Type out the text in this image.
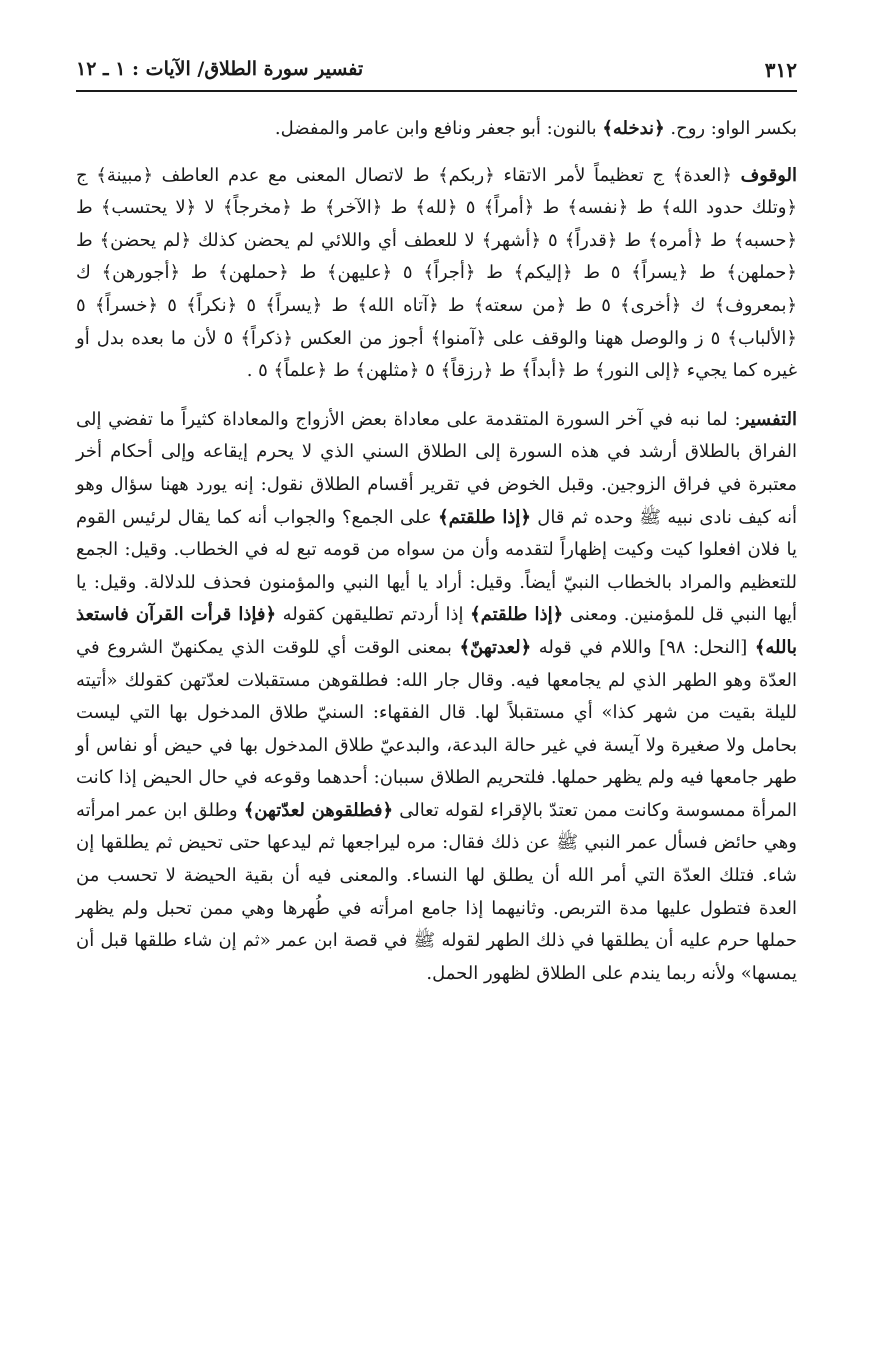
٣١٢
تفسير سورة الطلاق/ الآيات : ١ ـ ١٢

بكسر الواو: روح. ﴿ندخله﴾ بالنون: أبو جعفر ونافع وابن عامر والمفضل.

الوقوف ﴿العدة﴾ ج تعظيماً لأمر الاتقاء ﴿ربكم﴾ ط لاتصال المعنى مع عدم العاطف ﴿مبينة﴾ ج ﴿وتلك حدود الله﴾ ط ﴿نفسه﴾ ط ﴿أمراً﴾ ٥ ﴿لله﴾ ط ﴿الآخر﴾ ط ﴿مخرجاً﴾ لا ﴿لا يحتسب﴾ ط ﴿حسبه﴾ ط ﴿أمره﴾ ط ﴿قدراً﴾ ٥ ﴿أشهر﴾ لا للعطف أي واللائي لم يحضن كذلك ﴿لم يحضن﴾ ط ﴿حملهن﴾ ط ﴿يسراً﴾ ٥ ط ﴿إليكم﴾ ط ﴿أجراً﴾ ٥ ﴿عليهن﴾ ط ﴿حملهن﴾ ط ﴿أجورهن﴾ ك ﴿بمعروف﴾ ك ﴿أخرى﴾ ٥ ط ﴿من سعته﴾ ط ﴿آتاه الله﴾ ط ﴿يسراً﴾ ٥ ﴿نكراً﴾ ٥ ﴿خسراً﴾ ٥ ﴿الألباب﴾ ٥ ز والوصل ههنا والوقف على ﴿آمنوا﴾ أجوز من العكس ﴿ذكراً﴾ ٥ لأن ما بعده بدل أو غيره كما يجيء ﴿إلى النور﴾ ط ﴿أبداً﴾ ط ﴿رزقاً﴾ ٥ ﴿مثلهن﴾ ط ﴿علماً﴾ ٥ .

التفسير: لما نبه في آخر السورة المتقدمة على معاداة بعض الأزواج والمعاداة كثيراً ما تفضي إلى الفراق بالطلاق أرشد في هذه السورة إلى الطلاق السني الذي لا يحرم إيقاعه وإلى أحكام أخر معتبرة في فراق الزوجين. وقبل الخوض في تقرير أقسام الطلاق نقول: إنه يورد ههنا سؤال وهو أنه كيف نادى نبيه ﷺ وحده ثم قال ﴿إذا طلقتم﴾ على الجمع؟ والجواب أنه كما يقال لرئيس القوم يا فلان افعلوا كيت وكيت إظهاراً لتقدمه وأن من سواه من قومه تبع له في الخطاب. وقيل: الجمع للتعظيم والمراد بالخطاب النبيّ أيضاً. وقيل: أراد يا أيها النبي والمؤمنون فحذف للدلالة. وقيل: يا أيها النبي قل للمؤمنين. ومعنى ﴿إذا طلقتم﴾ إذا أردتم تطليقهن كقوله ﴿فإذا قرأت القرآن فاستعذ بالله﴾ [النحل: ٩٨] واللام في قوله ﴿لعدتهنّ﴾ بمعنى الوقت أي للوقت الذي يمكنهنّ الشروع في العدّة وهو الطهر الذي لم يجامعها فيه. وقال جار الله: فطلقوهن مستقبلات لعدّتهن كقولك «أتيته لليلة بقيت من شهر كذا» أي مستقبلاً لها. قال الفقهاء: السنيّ طلاق المدخول بها التي ليست بحامل ولا صغيرة ولا آيسة في غير حالة البدعة، والبدعيّ طلاق المدخول بها في حيض أو نفاس أو طهر جامعها فيه ولم يظهر حملها. فلتحريم الطلاق سببان: أحدهما وقوعه في حال الحيض إذا كانت المرأة ممسوسة وكانت ممن تعتدّ بالإقراء لقوله تعالى ﴿فطلقوهن لعدّتهن﴾ وطلق ابن عمر امرأته وهي حائض فسأل عمر النبي ﷺ عن ذلك فقال: مره ليراجعها ثم ليدعها حتى تحيض ثم يطلقها إن شاء. فتلك العدّة التي أمر الله أن يطلق لها النساء. والمعنى فيه أن بقية الحيضة لا تحسب من العدة فتطول عليها مدة التربص. وثانيهما إذا جامع امرأته في طُهرها وهي ممن تحبل ولم يظهر حملها حرم عليه أن يطلقها في ذلك الطهر لقوله ﷺ في قصة ابن عمر «ثم إن شاء طلقها قبل أن يمسها» ولأنه ربما يندم على الطلاق لظهور الحمل.
